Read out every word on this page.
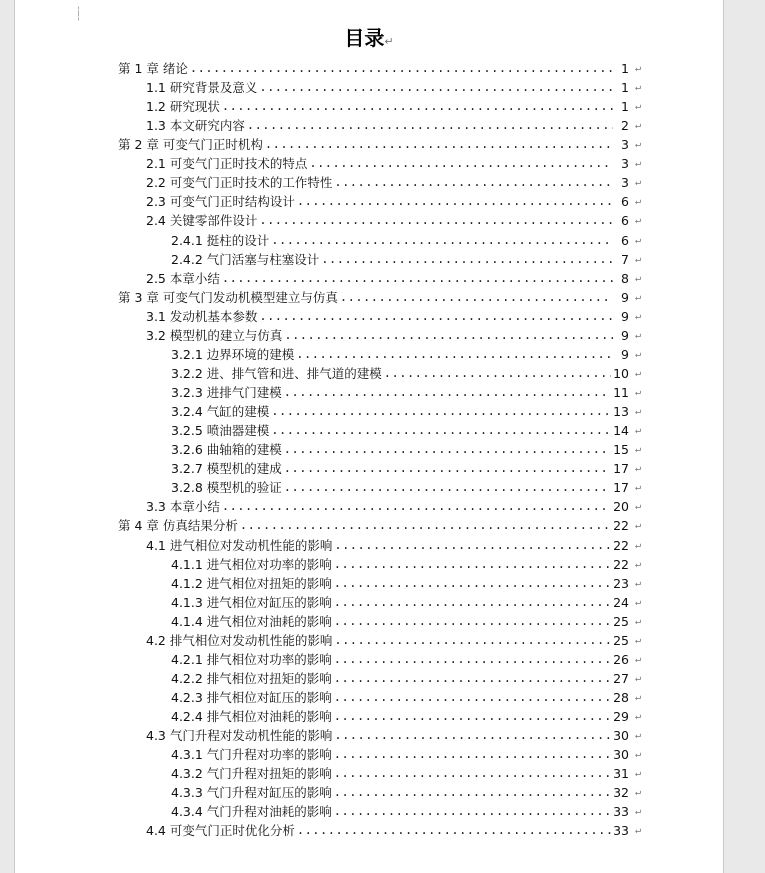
¦
¦
目录↵
第 1 章 绪论 .....	1 ↵
1.1 研究背景及意义 .....	1 ↵
1.2 研究现状 .....	1 ↵
1.3 本文研究内容 .....	2 ↵
第 2 章 可变气门正时机构 .....	3 ↵
2.1 可变气门正时技术的特点 .....	3 ↵
2.2 可变气门正时技术的工作特性 .....	3 ↵
2.3 可变气门正时结构设计 .....	6 ↵
2.4 关键零部件设计 .....	6 ↵
2.4.1 挺柱的设计 .....	6 ↵
2.4.2 气门活塞与柱塞设计 .....	7 ↵
2.5 本章小结 .....	8 ↵
第 3 章 可变气门发动机模型建立与仿真 .....	9 ↵
3.1 发动机基本参数 .....	9 ↵
3.2 模型机的建立与仿真 .....	9 ↵
3.2.1 边界环境的建模 .....	9 ↵
3.2.2 进、排气管和进、排气道的建模 .....	10 ↵
3.2.3 进排气门建模 .....	11 ↵
3.2.4 气缸的建模 .....	13 ↵
3.2.5 喷油器建模 .....	14 ↵
3.2.6 曲轴箱的建模 .....	15 ↵
3.2.7 模型机的建成 .....	17 ↵
3.2.8 模型机的验证 .....	17 ↵
3.3 本章小结 .....	20 ↵
第 4 章 仿真结果分析 .....	22 ↵
4.1 进气相位对发动机性能的影响 .....	22 ↵
4.1.1 进气相位对功率的影响 .....	22 ↵
4.1.2 进气相位对扭矩的影响 .....	23 ↵
4.1.3 进气相位对缸压的影响 .....	24 ↵
4.1.4 进气相位对油耗的影响 .....	25 ↵
4.2 排气相位对发动机性能的影响 .....	25 ↵
4.2.1 排气相位对功率的影响 .....	26 ↵
4.2.2 排气相位对扭矩的影响 .....	27 ↵
4.2.3 排气相位对缸压的影响 .....	28 ↵
4.2.4 排气相位对油耗的影响 .....	29 ↵
4.3 气门升程对发动机性能的影响 .....	30 ↵
4.3.1 气门升程对功率的影响 .....	30 ↵
4.3.2 气门升程对扭矩的影响 .....	31 ↵
4.3.3 气门升程对缸压的影响 .....	32 ↵
4.3.4 气门升程对油耗的影响 .....	33 ↵
4.4 可变气门正时优化分析 .....	33 ↵
